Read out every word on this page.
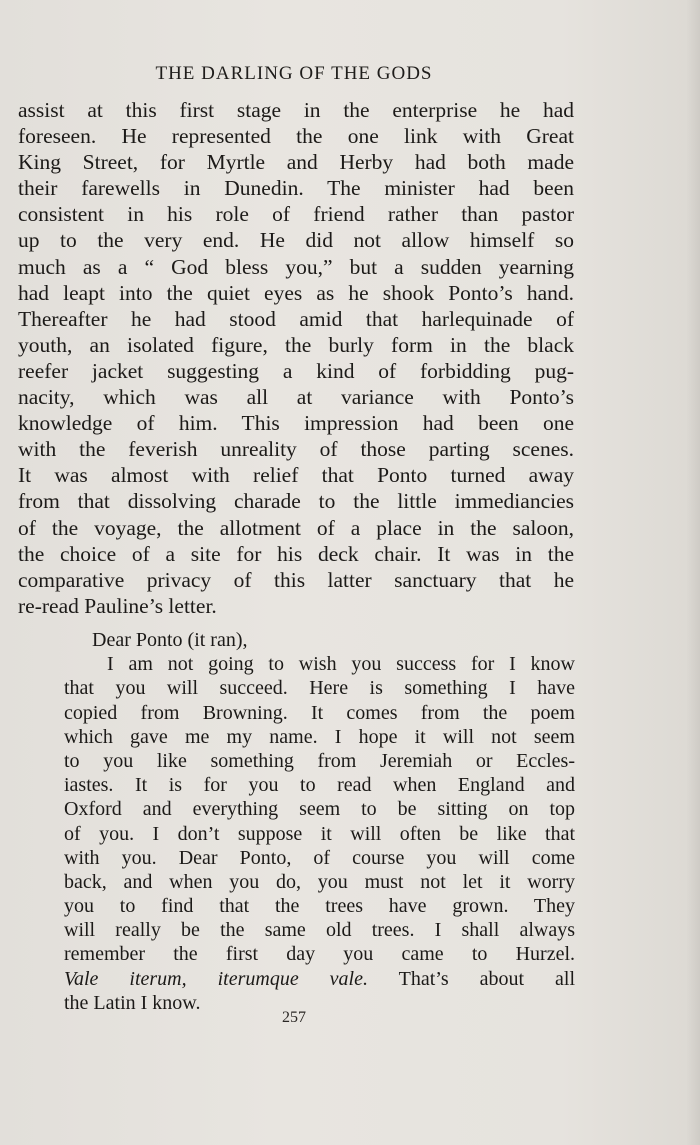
THE DARLING OF THE GODS
assist at this first stage in the enterprise he had
foreseen. He represented the one link with Great
King Street, for Myrtle and Herby had both made
their farewells in Dunedin. The minister had been
consistent in his role of friend rather than pastor
up to the very end. He did not allow himself so
much as a “ God bless you,” but a sudden yearning
had leapt into the quiet eyes as he shook Ponto’s hand.
Thereafter he had stood amid that harlequinade of
youth, an isolated figure, the burly form in the black
reefer jacket suggesting a kind of forbidding pug-
nacity, which was all at variance with Ponto’s
knowledge of him. This impression had been one
with the feverish unreality of those parting scenes.
It was almost with relief that Ponto turned away
from that dissolving charade to the little immediancies
of the voyage, the allotment of a place in the saloon,
the choice of a site for his deck chair. It was in the
comparative privacy of this latter sanctuary that he
re-read Pauline’s letter.
Dear Ponto (it ran),
I am not going to wish you success for I know
that you will succeed. Here is something I have
copied from Browning. It comes from the poem
which gave me my name. I hope it will not seem
to you like something from Jeremiah or Eccles-
iastes. It is for you to read when England and
Oxford and everything seem to be sitting on top
of you. I don’t suppose it will often be like that
with you. Dear Ponto, of course you will come
back, and when you do, you must not let it worry
you to find that the trees have grown. They
will really be the same old trees. I shall always
remember the first day you came to Hurzel.
Vale iterum, iterumque vale. That’s about all
the Latin I know.
257
